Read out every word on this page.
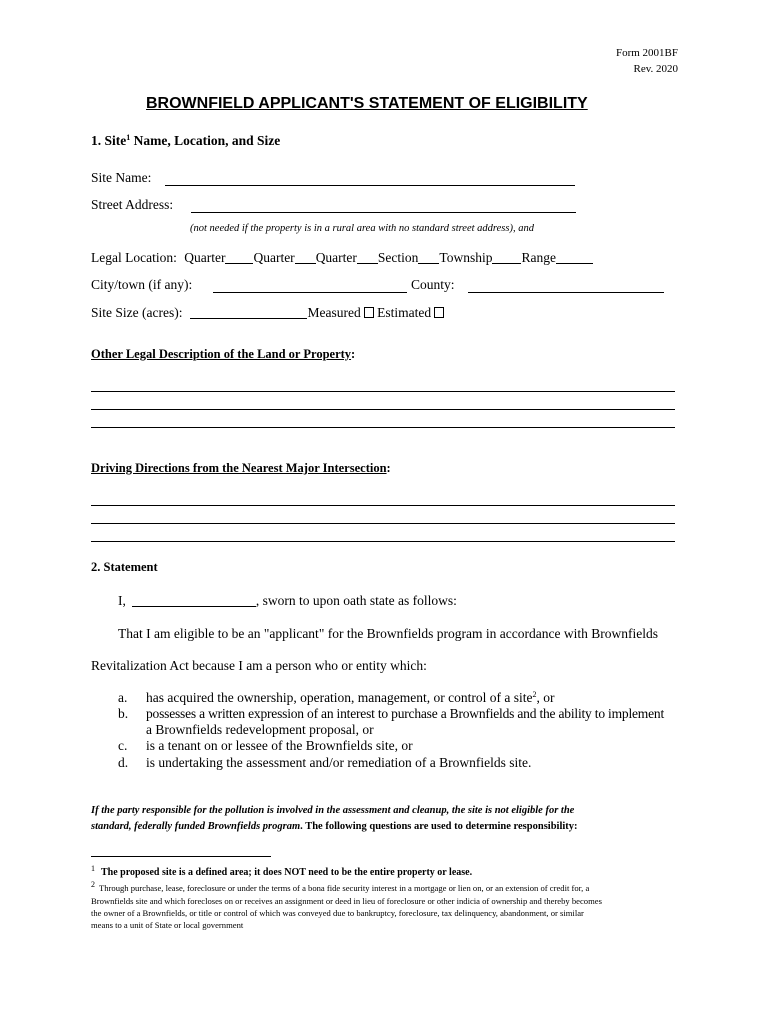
Form 2001BF
Rev. 2020
BROWNFIELD APPLICANT'S STATEMENT OF ELIGIBILITY
1. Site$^1$ Name, Location, and Size
Site Name:
Street Address:
(not needed if the property is in a rural area with no standard street address), and
Legal Location: Quarter Quarter Quarter Section Township Range
City/town (if any):	County:
Site Size (acres):	Measured Estimated
Other Legal Description of the Land or Property:
Driving Directions from the Nearest Major Intersection:
2. Statement
I,	, sworn to upon oath state as follows:
That I am eligible to be an "applicant" for the Brownfields program in accordance with Brownfields
Revitalization Act because I am a person who or entity which:
a. has acquired the ownership, operation, management, or control of a site$^2$, or
b. possesses a written expression of an interest to purchase a Brownfields and the ability to implement
a Brownfields redevelopment proposal, or
c. is a tenant on or lessee of the Brownfields site, or
d. is undertaking the assessment and/or remediation of a Brownfields site.
If the party responsible for the pollution is involved in the assessment and cleanup, the site is not eligible for the
standard, federally funded Brownfields program. The following questions are used to determine responsibility:
1 The proposed site is a defined area; it does NOT need to be the entire property or lease.
2 Through purchase, lease, foreclosure or under the terms of a bona fide security interest in a mortgage or lien on, or an extension of credit for, a
Brownfields site and which forecloses on or receives an assignment or deed in lieu of foreclosure or other indicia of ownership and thereby becomes
the owner of a Brownfields, or title or control of which was conveyed due to bankruptcy, foreclosure, tax delinquency, abandonment, or similar
means to a unit of State or local government
